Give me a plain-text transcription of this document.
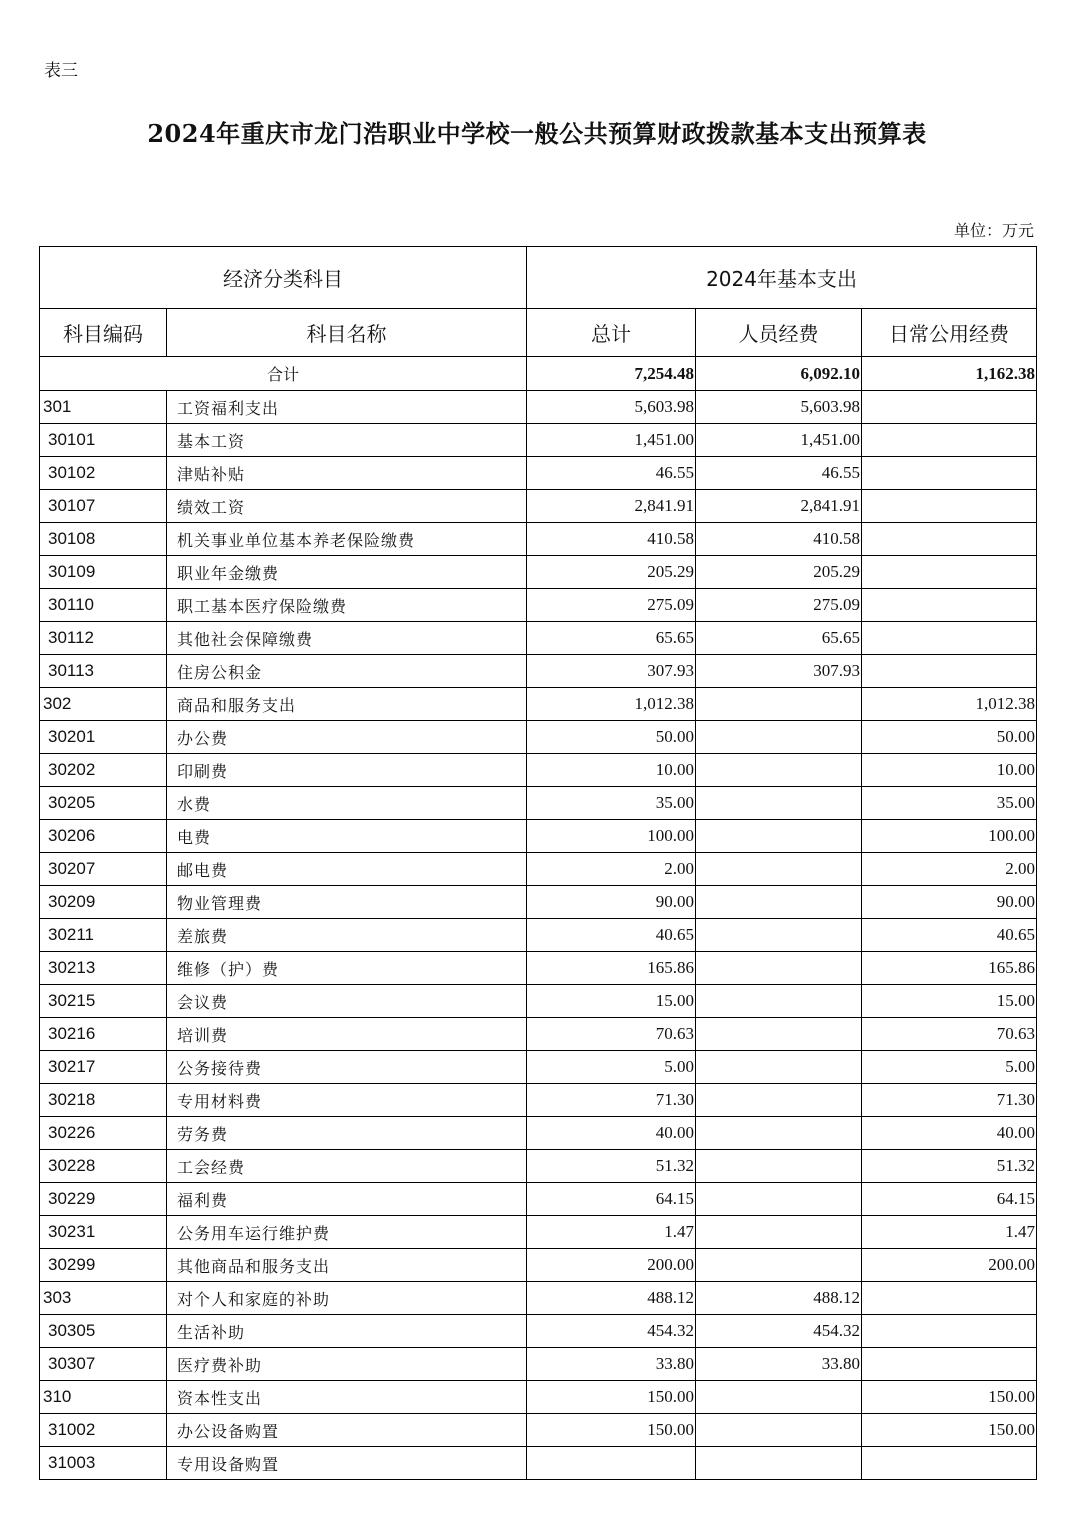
表三
2024年重庆市龙门浩职业中学校一般公共预算财政拨款基本支出预算表
单位：万元
经济分类科目		2024年基本支出		
科目编码	科目名称	总计	人员经费	日常公用经费
合计		7,254.48	6,092.10	1,162.38
301	工资福利支出	5,603.98	5,603.98	
30101	基本工资	1,451.00	1,451.00	
30102	津贴补贴	46.55	46.55	
30107	绩效工资	2,841.91	2,841.91	
30108	机关事业单位基本养老保险缴费	410.58	410.58	
30109	职业年金缴费	205.29	205.29	
30110	职工基本医疗保险缴费	275.09	275.09	
30112	其他社会保障缴费	65.65	65.65	
30113	住房公积金	307.93	307.93	
302	商品和服务支出	1,012.38		1,012.38
30201	办公费	50.00		50.00
30202	印刷费	10.00		10.00
30205	水费	35.00		35.00
30206	电费	100.00		100.00
30207	邮电费	2.00		2.00
30209	物业管理费	90.00		90.00
30211	差旅费	40.65		40.65
30213	维修（护）费	165.86		165.86
30215	会议费	15.00		15.00
30216	培训费	70.63		70.63
30217	公务接待费	5.00		5.00
30218	专用材料费	71.30		71.30
30226	劳务费	40.00		40.00
30228	工会经费	51.32		51.32
30229	福利费	64.15		64.15
30231	公务用车运行维护费	1.47		1.47
30299	其他商品和服务支出	200.00		200.00
303	对个人和家庭的补助	488.12	488.12	
30305	生活补助	454.32	454.32	
30307	医疗费补助	33.80	33.80	
310	资本性支出	150.00		150.00
31002	办公设备购置	150.00		150.00
31003	专用设备购置			
